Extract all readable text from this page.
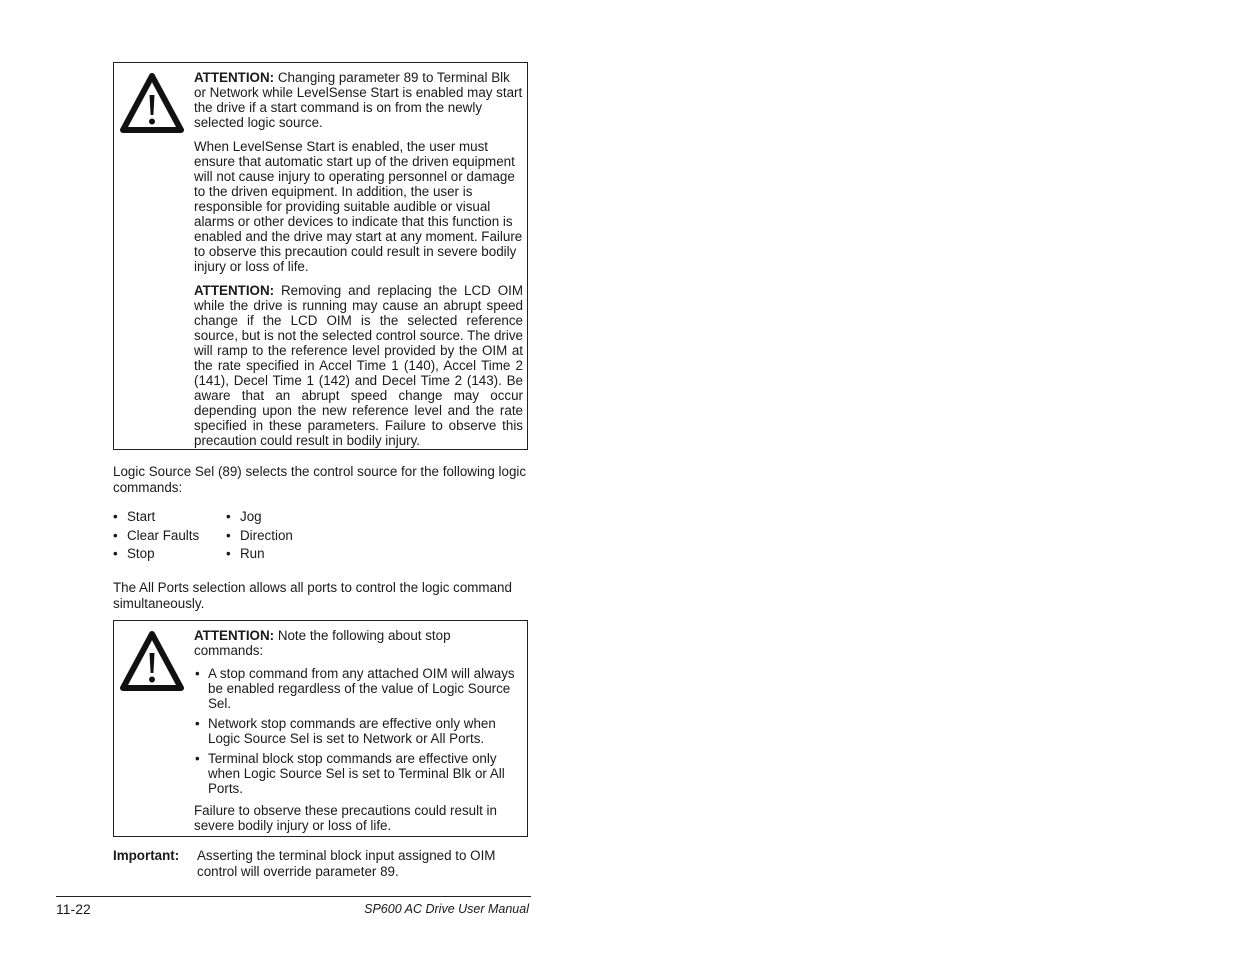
ATTENTION: Changing parameter 89 to Terminal Blk or Network while LevelSense Start is enabled may start the drive if a start command is on from the newly selected logic source.

When LevelSense Start is enabled, the user must ensure that automatic start up of the driven equipment will not cause injury to operating personnel or damage to the driven equipment. In addition, the user is responsible for providing suitable audible or visual alarms or other devices to indicate that this function is enabled and the drive may start at any moment. Failure to observe this precaution could result in severe bodily injury or loss of life.

ATTENTION: Removing and replacing the LCD OIM while the drive is running may cause an abrupt speed change if the LCD OIM is the selected reference source, but is not the selected control source. The drive will ramp to the reference level provided by the OIM at the rate specified in Accel Time 1 (140), Accel Time 2 (141), Decel Time 1 (142) and Decel Time 2 (143). Be aware that an abrupt speed change may occur depending upon the new reference level and the rate specified in these parameters. Failure to observe this precaution could result in bodily injury.

Logic Source Sel (89) selects the control source for the following logic commands:

• Start
• Clear Faults
• Stop
• Jog
• Direction
• Run

The All Ports selection allows all ports to control the logic command simultaneously.

ATTENTION: Note the following about stop commands:

• A stop command from any attached OIM will always be enabled regardless of the value of Logic Source Sel.
• Network stop commands are effective only when Logic Source Sel is set to Network or All Ports.
• Terminal block stop commands are effective only when Logic Source Sel is set to Terminal Blk or All Ports.

Failure to observe these precautions could result in severe bodily injury or loss of life.

Important: Asserting the terminal block input assigned to OIM control will override parameter 89.
11-22	SP600 AC Drive User Manual
